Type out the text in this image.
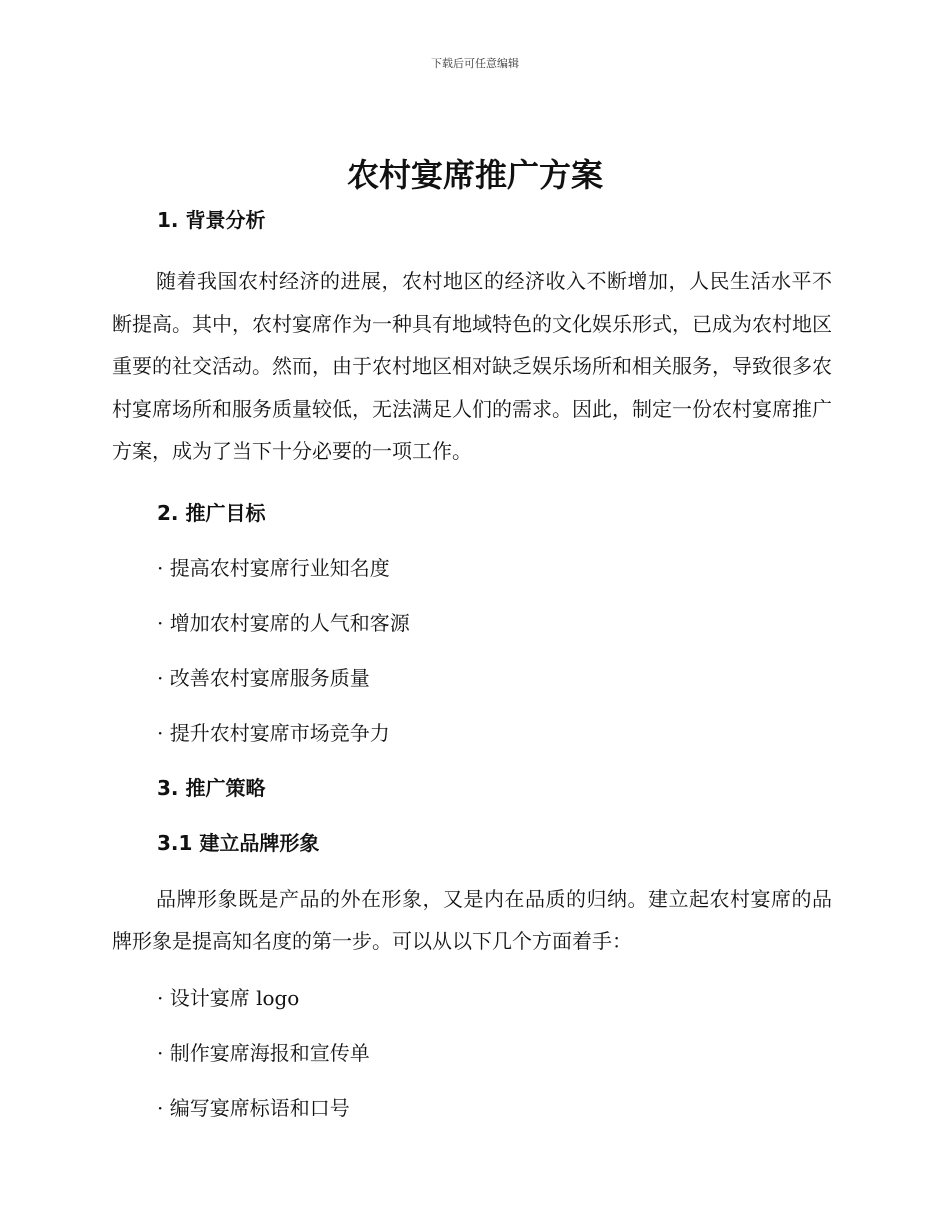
下载后可任意编辑
农村宴席推广方案
1. 背景分析

随着我国农村经济的进展，农村地区的经济收入不断增加，人民生活水平不断提高。其中，农村宴席作为一种具有地域特色的文化娱乐形式，已成为农村地区重要的社交活动。然而，由于农村地区相对缺乏娱乐场所和相关服务，导致很多农村宴席场所和服务质量较低，无法满足人们的需求。因此，制定一份农村宴席推广方案，成为了当下十分必要的一项工作。

2. 推广目标
· 提高农村宴席行业知名度
· 增加农村宴席的人气和客源
· 改善农村宴席服务质量
· 提升农村宴席市场竞争力
3. 推广策略
3.1 建立品牌形象

品牌形象既是产品的外在形象，又是内在品质的归纳。建立起农村宴席的品牌形象是提高知名度的第一步。可以从以下几个方面着手：

· 设计宴席 logo
· 制作宴席海报和宣传单
· 编写宴席标语和口号
